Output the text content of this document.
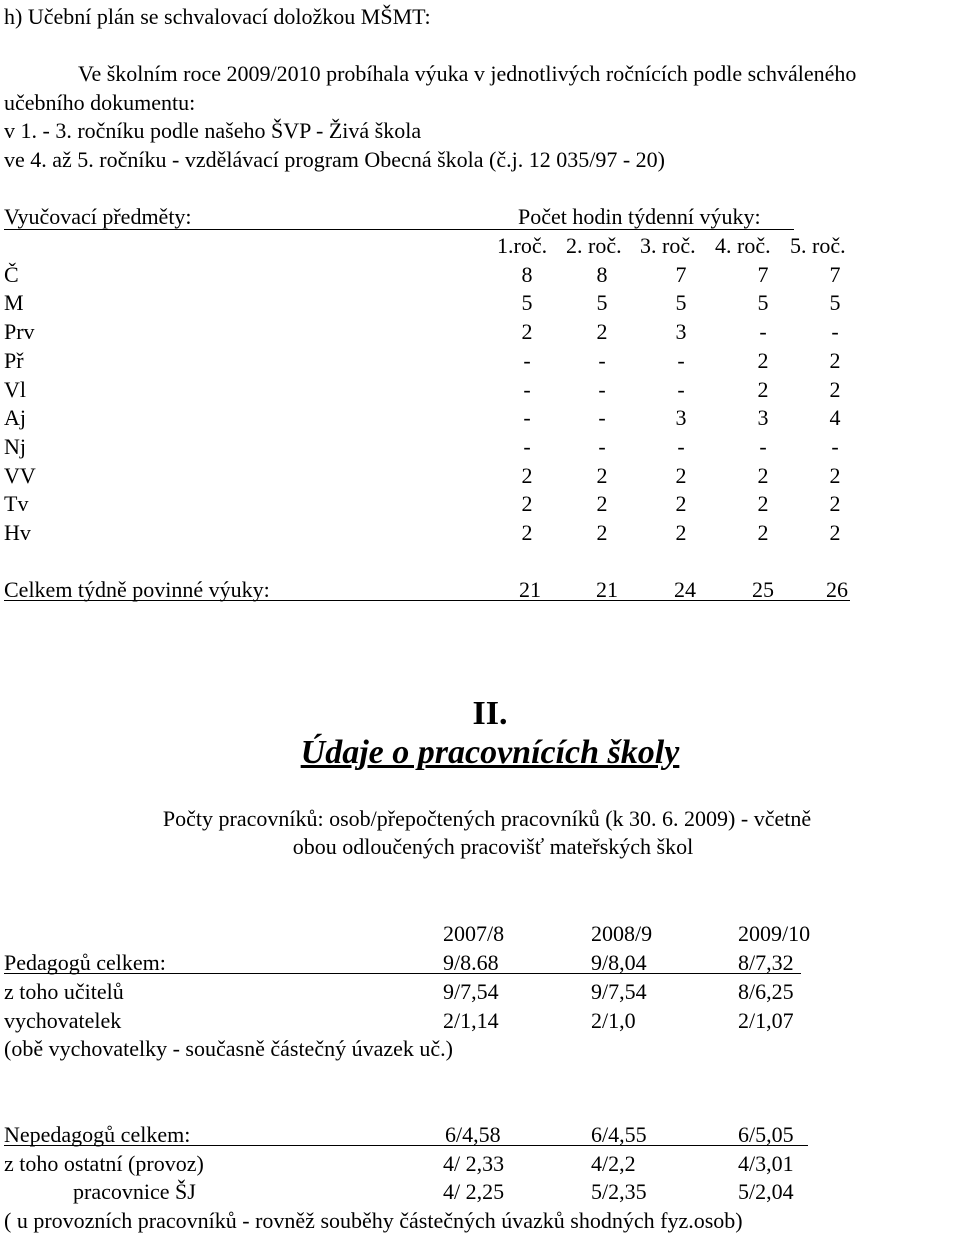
h) Učební plán se schvalovací doložkou MŠMT:
Ve školním roce 2009/2010 probíhala výuka v jednotlivých ročnících podle schváleného
učebního dokumentu:
v 1. - 3. ročníku podle našeho ŠVP - Živá škola
ve 4. až 5. ročníku - vzdělávací program Obecná škola (č.j. 12 035/97 - 20)
Vyučovací předměty:	Počet hodin týdenní výuky:
1.roč. 2. roč. 3. roč. 4. roč. 5. roč.
Č	8	8	7	7	7
M	5	5	5	5	5
Prv	2	2	3	-	-
Př	-	-	-	2	2
Vl	-	-	-	2	2
Aj	-	-	3	3	4
Nj	-	-	-	-	-
VV	2	2	2	2	2
Tv	2	2	2	2	2
Hv	2	2	2	2	2
Celkem týdně povinné výuky:	21	21	24	25	26
II.
Údaje o pracovnících školy
Počty pracovníků: osob/přepočtených pracovníků (k 30. 6. 2009) - včetně
obou odloučených pracovišť mateřských škol
2007/8	2008/9	2009/10
Pedagogů celkem:	9/8.68	9/8,04	8/7,32
z toho učitelů	9/7,54	9/7,54	8/6,25
vychovatelek	2/1,14	2/1,0	2/1,07
(obě vychovatelky - současně částečný úvazek uč.)
Nepedagogů celkem:	6/4,58	6/4,55	6/5,05
z toho ostatní (provoz)	4/ 2,33	4/2,2	4/3,01
pracovnice ŠJ	4/ 2,25	5/2,35	5/2,04
( u provozních pracovníků - rovněž souběhy částečných úvazků shodných fyz.osob)
